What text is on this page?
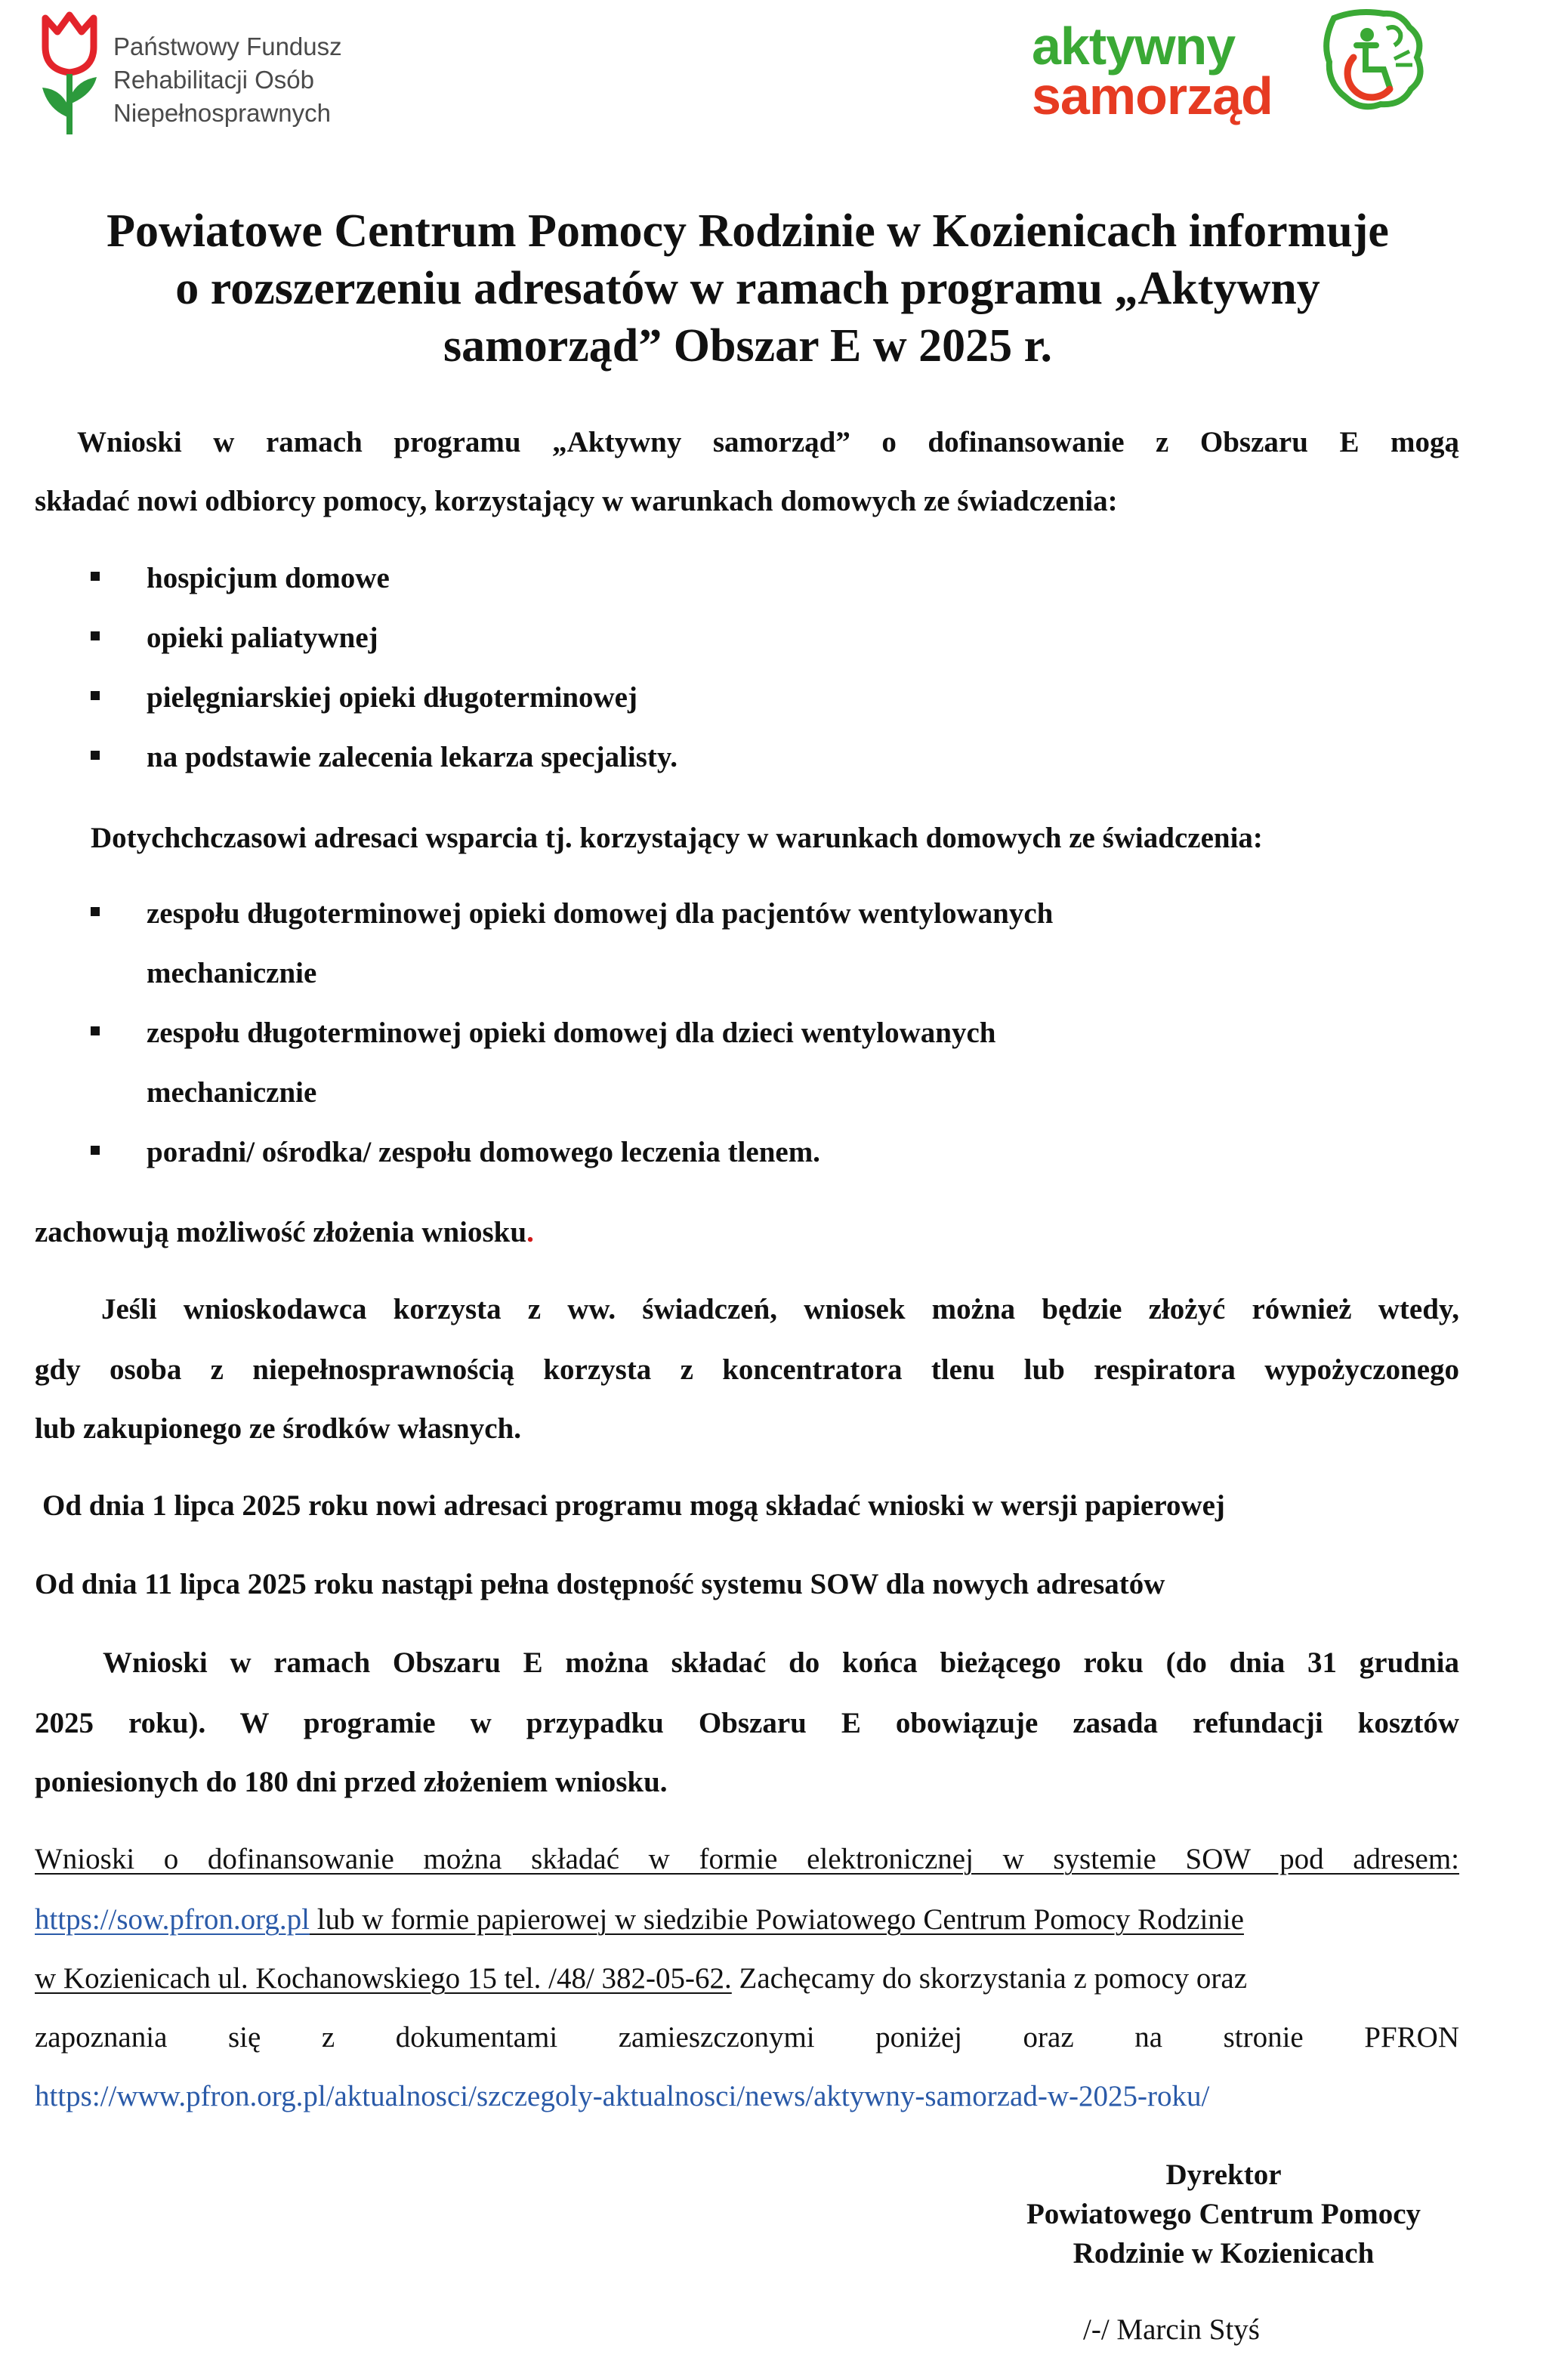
Państwowy Fundusz
Rehabilitacji Osób
Niepełnosprawnych
aktywny
samorząd
Powiatowe Centrum Pomocy Rodzinie w Kozienicach informuje
o rozszerzeniu adresatów w ramach programu „Aktywny
samorząd” Obszar E w 2025 r.
Wnioski w ramach programu „Aktywny samorząd” o dofinansowanie z Obszaru E mogą
składać nowi odbiorcy pomocy, korzystający w warunkach domowych ze świadczenia:
hospicjum domowe
opieki paliatywnej
pielęgniarskiej opieki długoterminowej
na podstawie zalecenia lekarza specjalisty.
Dotychchczasowi adresaci wsparcia tj. korzystający w warunkach domowych ze świadczenia:
zespołu długoterminowej opieki domowej dla pacjentów wentylowanych
mechanicznie
zespołu długoterminowej opieki domowej dla dzieci wentylowanych
mechanicznie
poradni/ ośrodka/ zespołu domowego leczenia tlenem.
zachowują możliwość złożenia wniosku.
Jeśli wnioskodawca korzysta z ww. świadczeń, wniosek można będzie złożyć również wtedy,
gdy osoba z niepełnosprawnością korzysta z koncentratora tlenu lub respiratora wypożyczonego
lub zakupionego ze środków własnych.
Od dnia 1 lipca 2025 roku nowi adresaci programu mogą składać wnioski w wersji papierowej
Od dnia 11 lipca 2025 roku nastąpi pełna dostępność systemu SOW dla nowych adresatów
Wnioski w ramach Obszaru E można składać do końca bieżącego roku (do dnia 31 grudnia
2025 roku). W programie w przypadku Obszaru E obowiązuje zasada refundacji kosztów
poniesionych do 180 dni przed złożeniem wniosku.
Wnioski o dofinansowanie można składać w formie elektronicznej w systemie SOW pod adresem:
https://sow.pfron.org.pl lub w formie papierowej w siedzibie Powiatowego Centrum Pomocy Rodzinie
w Kozienicach ul. Kochanowskiego 15 tel. /48/ 382-05-62. Zachęcamy do skorzystania z pomocy oraz
zapoznania się z dokumentami zamieszczonymi poniżej oraz na stronie PFRON
https://www.pfron.org.pl/aktualnosci/szczegoly-aktualnosci/news/aktywny-samorzad-w-2025-roku/
Dyrektor
Powiatowego Centrum Pomocy
Rodzinie w Kozienicach
/-/ Marcin Styś
